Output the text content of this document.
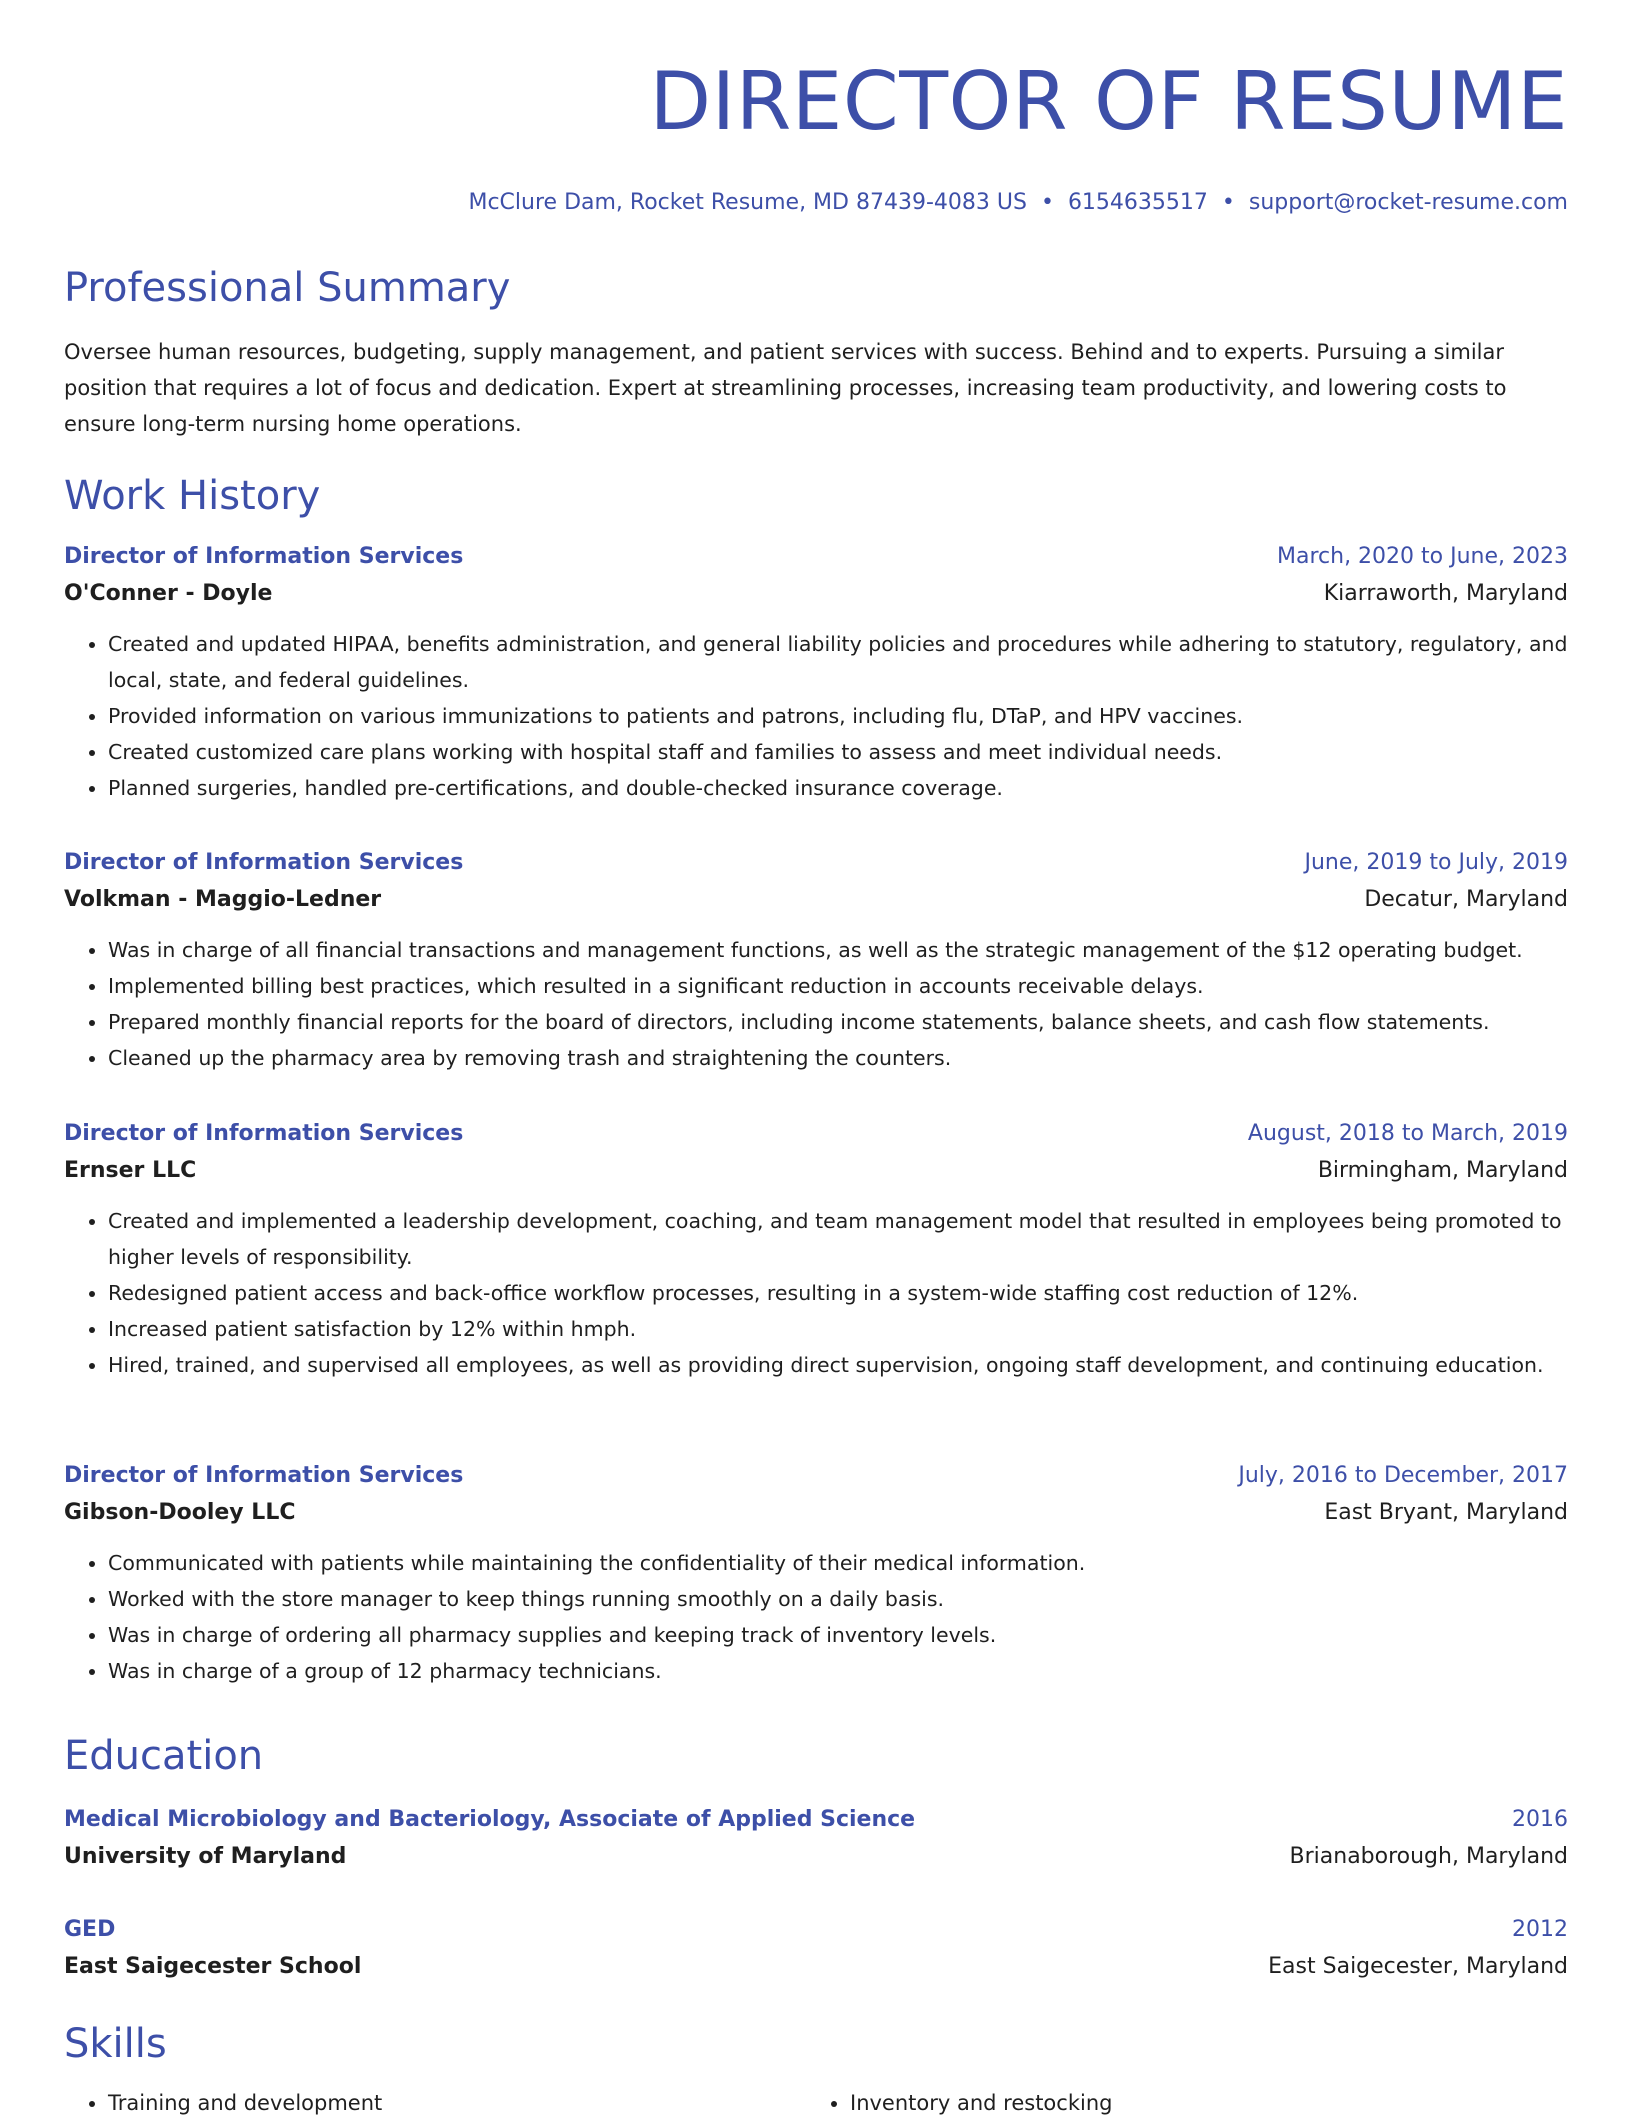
DIRECTOR OF RESUME
McClure Dam, Rocket Resume, MD 87439-4083 US • 6154635517 • support@rocket-resume.com
Professional Summary
Oversee human resources, budgeting, supply management, and patient services with success. Behind and to experts. Pursuing a similar position that requires a lot of focus and dedication. Expert at streamlining processes, increasing team productivity, and lowering costs to ensure long-term nursing home operations.
Work History
Director of Information Services	March, 2020 to June, 2023
O'Conner - Doyle	Kiarraworth, Maryland
• Created and updated HIPAA, benefits administration, and general liability policies and procedures while adhering to statutory, regulatory, and local, state, and federal guidelines.
• Provided information on various immunizations to patients and patrons, including flu, DTaP, and HPV vaccines.
• Created customized care plans working with hospital staff and families to assess and meet individual needs.
• Planned surgeries, handled pre-certifications, and double-checked insurance coverage.
Director of Information Services	June, 2019 to July, 2019
Volkman - Maggio-Ledner	Decatur, Maryland
• Was in charge of all financial transactions and management functions, as well as the strategic management of the $12 operating budget.
• Implemented billing best practices, which resulted in a significant reduction in accounts receivable delays.
• Prepared monthly financial reports for the board of directors, including income statements, balance sheets, and cash flow statements.
• Cleaned up the pharmacy area by removing trash and straightening the counters.
Director of Information Services	August, 2018 to March, 2019
Ernser LLC	Birmingham, Maryland
• Created and implemented a leadership development, coaching, and team management model that resulted in employees being promoted to higher levels of responsibility.
• Redesigned patient access and back-office workflow processes, resulting in a system-wide staffing cost reduction of 12%.
• Increased patient satisfaction by 12% within hmph.
• Hired, trained, and supervised all employees, as well as providing direct supervision, ongoing staff development, and continuing education.
Director of Information Services	July, 2016 to December, 2017
Gibson-Dooley LLC	East Bryant, Maryland
• Communicated with patients while maintaining the confidentiality of their medical information.
• Worked with the store manager to keep things running smoothly on a daily basis.
• Was in charge of ordering all pharmacy supplies and keeping track of inventory levels.
• Was in charge of a group of 12 pharmacy technicians.
Education
Medical Microbiology and Bacteriology, Associate of Applied Science	2016
University of Maryland	Brianaborough, Maryland
GED	2012
East Saigecester School	East Saigecester, Maryland
Skills
• Training and development
•	Inventory and restocking
